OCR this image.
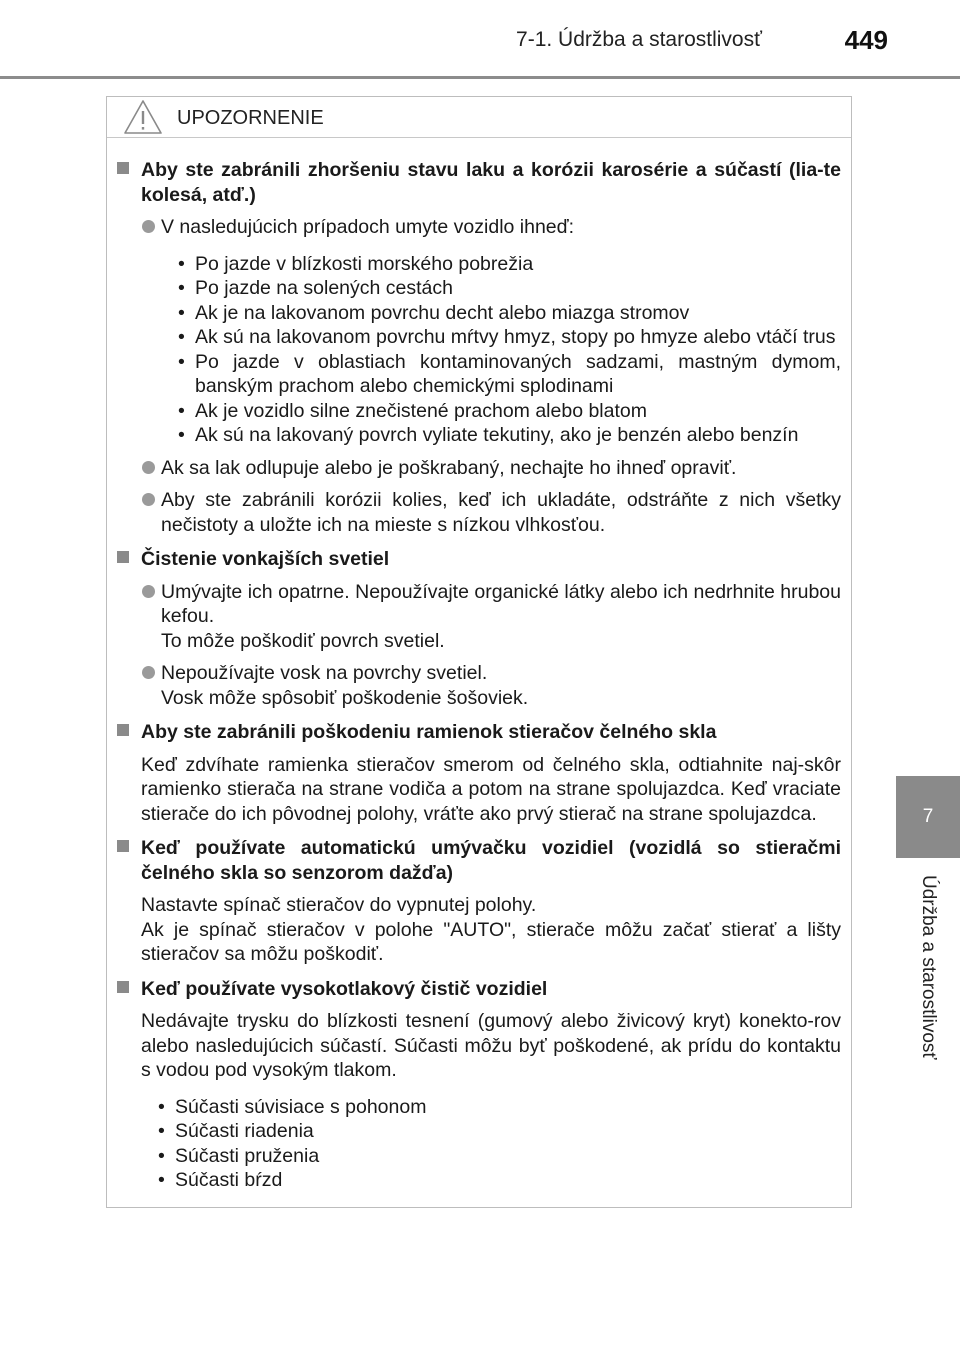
7-1. Údržba a starostlivosť	449
7
Údržba a starostlivosť
UPOZORNENIE
Aby ste zabránili zhoršeniu stavu laku a korózii karosérie a súčastí (lia-te kolesá, atď.)
V nasledujúcich prípadoch umyte vozidlo ihneď:
• Po jazde v blízkosti morského pobrežia
• Po jazde na solených cestách
• Ak je na lakovanom povrchu decht alebo miazga stromov
• Ak sú na lakovanom povrchu mŕtvy hmyz, stopy po hmyze alebo vtáčí trus
• Po jazde v oblastiach kontaminovaných sadzami, mastným dymom, banským prachom alebo chemickými splodinami
• Ak je vozidlo silne znečistené prachom alebo blatom
• Ak sú na lakovaný povrch vyliate tekutiny, ako je benzén alebo benzín
Ak sa lak odlupuje alebo je poškrabaný, nechajte ho ihneď opraviť.
Aby ste zabránili korózii kolies, keď ich ukladáte, odstráňte z nich všetky nečistoty a uložte ich na mieste s nízkou vlhkosťou.
Čistenie vonkajších svetiel
Umývajte ich opatrne. Nepoužívajte organické látky alebo ich nedrhnite hrubou kefou.
To môže poškodiť povrch svetiel.
Nepoužívajte vosk na povrchy svetiel.
Vosk môže spôsobiť poškodenie šošoviek.
Aby ste zabránili poškodeniu ramienok stieračov čelného skla
Keď zdvíhate ramienka stieračov smerom od čelného skla, odtiahnite naj-skôr ramienko stierača na strane vodiča a potom na strane spolujazdca. Keď vraciate stierače do ich pôvodnej polohy, vráťte ako prvý stierač na strane spolujazdca.
Keď používate automatickú umývačku vozidiel (vozidlá so stieračmi čelného skla so senzorom dažďa)
Nastavte spínač stieračov do vypnutej polohy.
Ak je spínač stieračov v polohe "AUTO", stierače môžu začať stierať a lišty stieračov sa môžu poškodiť.
Keď používate vysokotlakový čistič vozidiel
Nedávajte trysku do blízkosti tesnení (gumový alebo živicový kryt) konekto-rov alebo nasledujúcich súčastí. Súčasti môžu byť poškodené, ak prídu do kontaktu s vodou pod vysokým tlakom.
• Súčasti súvisiace s pohonom
• Súčasti riadenia
• Súčasti pruženia
• Súčasti bŕzd
